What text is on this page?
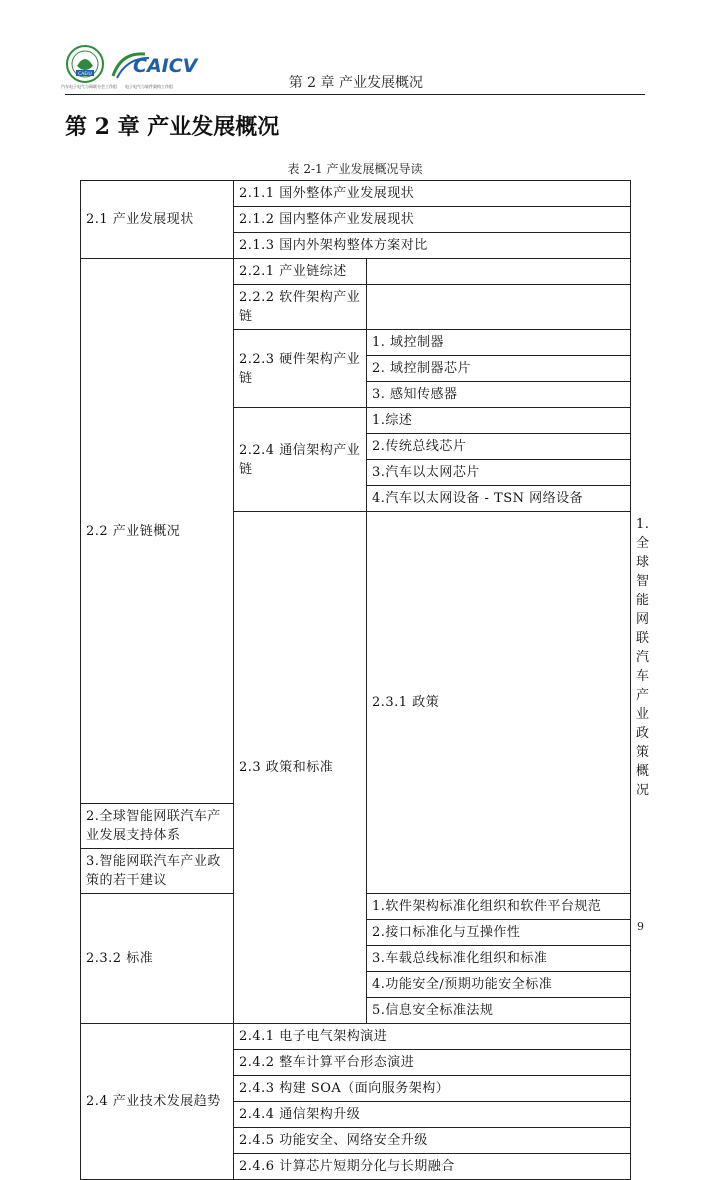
CAEIU
汽车电子电气与网联分会工作组
CAICV
电子电气与软件架构工作组	第 2 章 产业发展概况
第 2 章 产业发展概况
表 2-1 产业发展概况导读
2.1 产业发展现状	2.1.1 国外整体产业发展现状		
	2.1.2 国内整体产业发展现状		
	2.1.3 国内外架构整体方案对比		
2.2 产业链概况	2.2.1 产业链综述		
	2.2.2 软件架构产业链		
	2.2.3 硬件架构产业链	1. 域控制器	
		2. 域控制器芯片	
		3. 感知传感器	
	2.2.4 通信架构产业链	1.综述	
		2.传统总线芯片	
		3.汽车以太网芯片	
		4.汽车以太网设备 - TSN 网络设备	
	2.3 政策和标准	2.3.1 政策	1.全球智能网联汽车产业政策概况
2.全球智能网联汽车产业发展支持体系			
3.智能网联汽车产业政策的若干建议			
2.3.2 标准		1.软件架构标准化组织和软件平台规范	
		2.接口标准化与互操作性	
		3.车载总线标准化组织和标准	
		4.功能安全/预期功能安全标准	
		5.信息安全标准法规	
2.4 产业技术发展趋势	2.4.1 电子电气架构演进		
	2.4.2 整车计算平台形态演进		
	2.4.3 构建 SOA（面向服务架构）		
	2.4.4 通信架构升级		
	2.4.5 功能安全、网络安全升级		
	2.4.6 计算芯片短期分化与长期融合		
9
